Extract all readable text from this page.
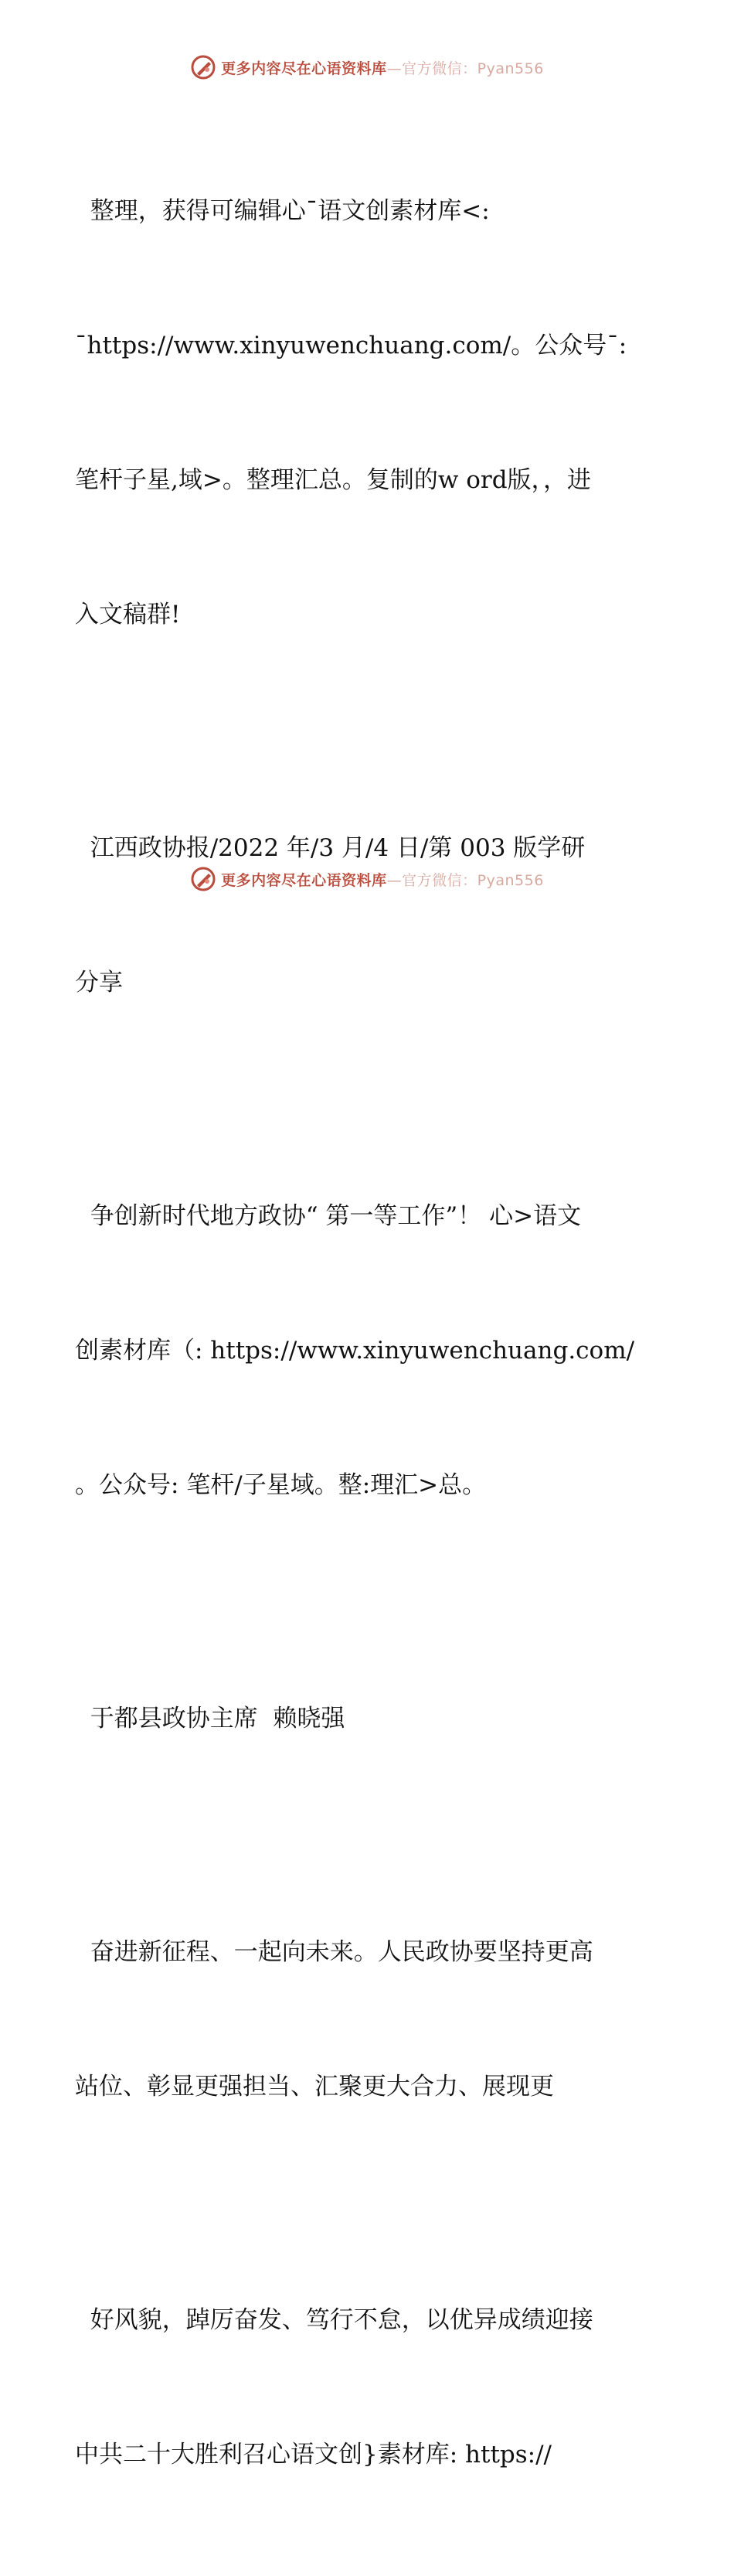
更多内容尽在心语资料库—官方微信：Pyan556

整理，获得可编辑心¯语文创素材库<:

¯https://www.xinyuwenchuang.com/。公众号¯:

笔杆子星,域>。整理汇总。复制的w ord版，，进

入文稿群!

江西政协报/2022 年/3 月/4 日/第 003 版学研

分享

争创新时代地方政协“ 第一等工作”！ 心>语文

创素材库（: https://www.xinyuwenchuang.com/

。公众号: 笔杆/子星域。整:理汇>总。

于都县政协主席  赖晓强

奋进新征程、一起向未来。人民政协要坚持更高

站位、彰显更强担当、汇聚更大合力、展现更

好风貌，踔厉奋发、笃行不怠，以优异成绩迎接

中共二十大胜利召心语文创}素材库: https://

更多内容尽在心语资料库—官方微信：Pyan556
